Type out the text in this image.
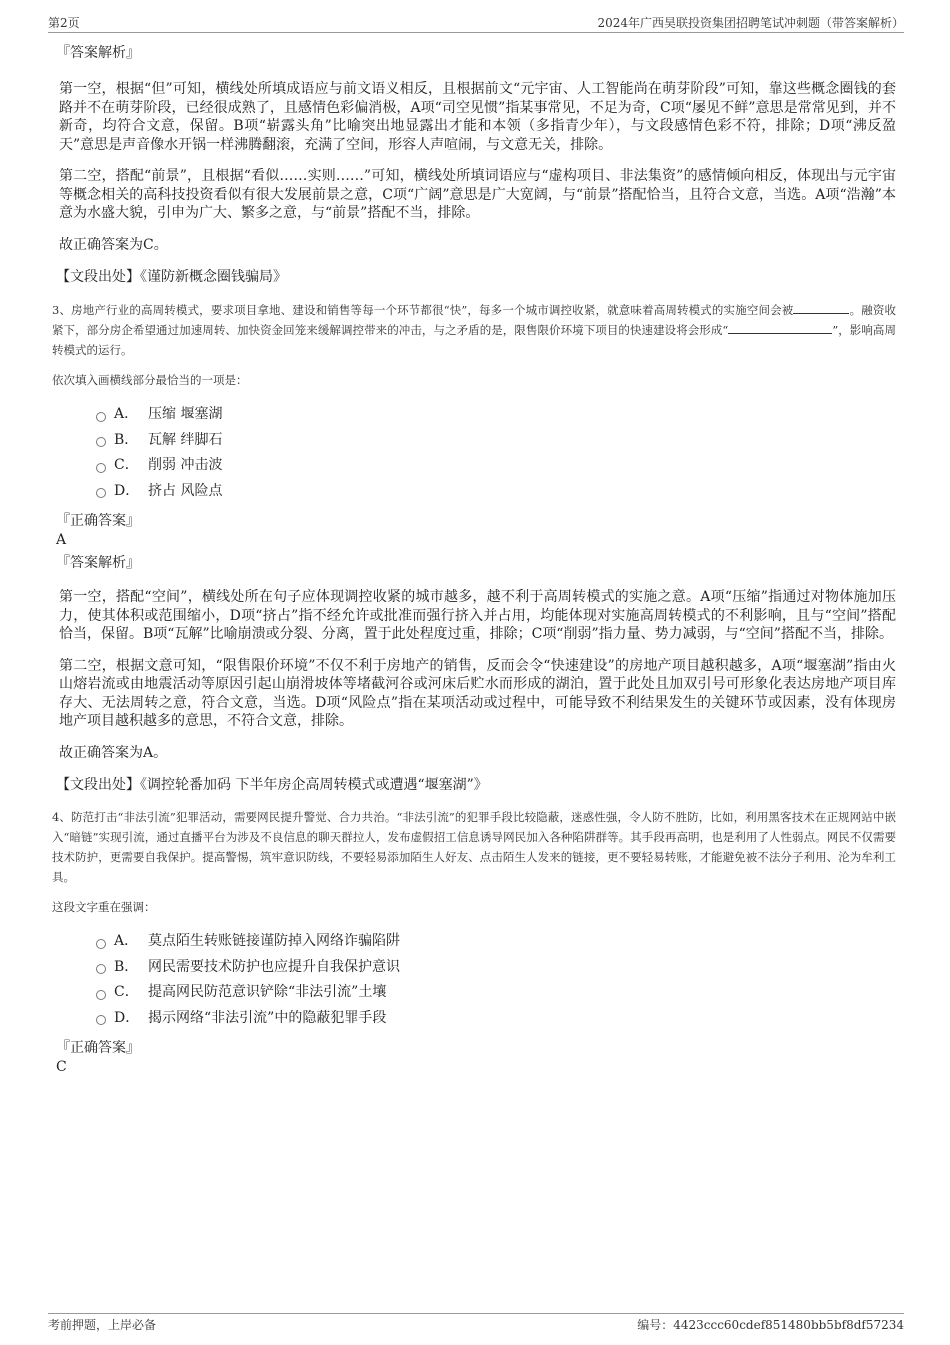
第2页	2024年广西昊联投资集团招聘笔试冲刺题（带答案解析）

『答案解析』

第一空，根据“但”可知，横线处所填成语应与前文语义相反，且根据前文“元宇宙、人工智能尚在萌芽阶段”可知，靠这些概念圈钱的套路并不在萌芽阶段，已经很成熟了，且感情色彩偏消极，A项“司空见惯”指某事常见，不足为奇，C项“屡见不鲜”意思是常常见到，并不新奇，均符合文意，保留。B项“崭露头角”比喻突出地显露出才能和本领（多指青少年），与文段感情色彩不符，排除；D项“沸反盈天”意思是声音像水开锅一样沸腾翻滚，充满了空间，形容人声喧闹，与文意无关，排除。

第二空，搭配“前景”，且根据“看似……实则……”可知，横线处所填词语应与“虚构项目、非法集资”的感情倾向相反，体现出与元宇宙等概念相关的高科技投资看似有很大发展前景之意，C项“广阔”意思是广大宽阔，与“前景”搭配恰当，且符合文意，当选。A项“浩瀚”本意为水盛大貌，引申为广大、繁多之意，与“前景”搭配不当，排除。

故正确答案为C。

【文段出处】《谨防新概念圈钱骗局》

3、房地产行业的高周转模式，要求项目拿地、建设和销售等每一个环节都很“快”，每多一个城市调控收紧，就意味着高周转模式的实施空间会被	。融资收紧下，部分房企希望通过加速周转、加快资金回笼来缓解调控带来的冲击，与之矛盾的是，限售限价环境下项目的快速建设将会形成“	”，影响高周转模式的运行。

依次填入画横线部分最恰当的一项是：

A． 压缩 堰塞湖
B． 瓦解 绊脚石
C． 削弱 冲击波
D． 挤占 风险点

『正确答案』

A

『答案解析』

第一空，搭配“空间”，横线处所在句子应体现调控收紧的城市越多，越不利于高周转模式的实施之意。A项“压缩”指通过对物体施加压力，使其体积或范围缩小，D项“挤占”指不经允许或批准而强行挤入并占用，均能体现对实施高周转模式的不利影响，且与“空间”搭配恰当，保留。B项“瓦解”比喻崩溃或分裂、分离，置于此处程度过重，排除；C项“削弱”指力量、势力减弱，与“空间”搭配不当，排除。

第二空，根据文意可知，“限售限价环境”不仅不利于房地产的销售，反而会令“快速建设”的房地产项目越积越多，A项“堰塞湖”指由火山熔岩流或由地震活动等原因引起山崩滑坡体等堵截河谷或河床后贮水而形成的湖泊，置于此处且加双引号可形象化表达房地产项目库存大、无法周转之意，符合文意，当选。D项“风险点”指在某项活动或过程中，可能导致不利结果发生的关键环节或因素，没有体现房地产项目越积越多的意思，不符合文意，排除。

故正确答案为A。

【文段出处】《调控轮番加码 下半年房企高周转模式或遭遇“堰塞湖”》

4、防范打击“非法引流”犯罪活动，需要网民提升警觉、合力共治。“非法引流”的犯罪手段比较隐蔽，迷惑性强，令人防不胜防，比如，利用黑客技术在正规网站中嵌入“暗链”实现引流，通过直播平台为涉及不良信息的聊天群拉人，发布虚假招工信息诱导网民加入各种陷阱群等。其手段再高明，也是利用了人性弱点。网民不仅需要技术防护，更需要自我保护。提高警惕，筑牢意识防线，不要轻易添加陌生人好友、点击陌生人发来的链接，更不要轻易转账，才能避免被不法分子利用、沦为牟利工具。

这段文字重在强调：

A． 莫点陌生转账链接谨防掉入网络诈骗陷阱
B． 网民需要技术防护也应提升自我保护意识
C． 提高网民防范意识铲除“非法引流”土壤
D． 揭示网络“非法引流”中的隐蔽犯罪手段

『正确答案』

C

考前押题，上岸必备	编号：4423ccc60cdef851480bb5bf8df57234
